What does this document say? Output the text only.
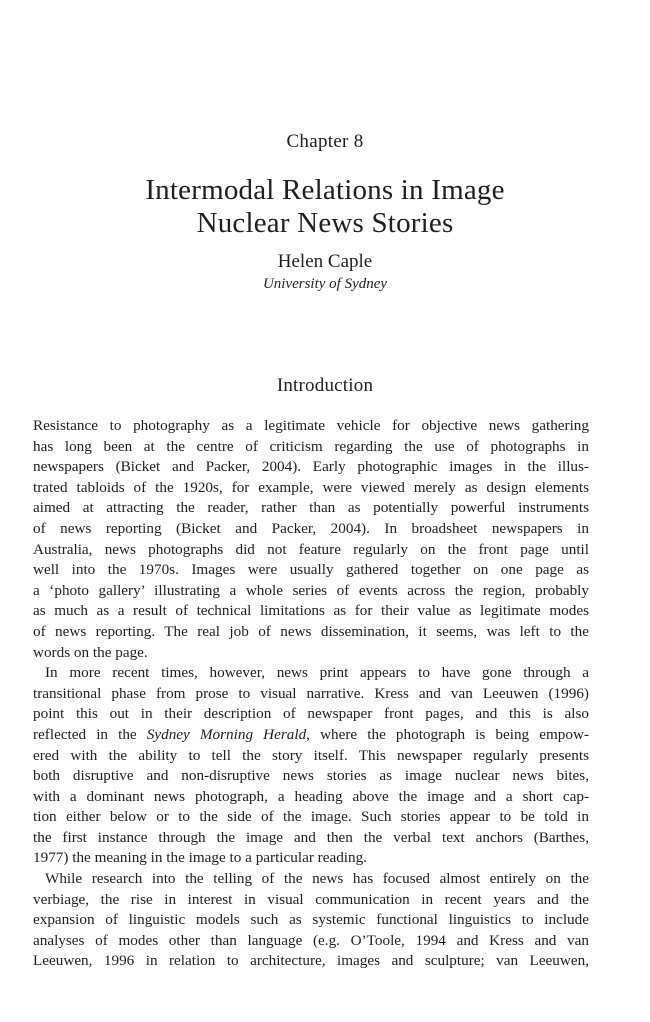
Chapter 8
Intermodal Relations in Image
Nuclear News Stories
Helen Caple
University of Sydney
Introduction
Resistance to photography as a legitimate vehicle for objective news gathering
has long been at the centre of criticism regarding the use of photographs in
newspapers (Bicket and Packer, 2004). Early photographic images in the illus-
trated tabloids of the 1920s, for example, were viewed merely as design elements
aimed at attracting the reader, rather than as potentially powerful instruments
of news reporting (Bicket and Packer, 2004). In broadsheet newspapers in
Australia, news photographs did not feature regularly on the front page until
well into the 1970s. Images were usually gathered together on one page as
a ‘photo gallery’ illustrating a whole series of events across the region, probably
as much as a result of technical limitations as for their value as legitimate modes
of news reporting. The real job of news dissemination, it seems, was left to the
words on the page.
In more recent times, however, news print appears to have gone through a
transitional phase from prose to visual narrative. Kress and van Leeuwen (1996)
point this out in their description of newspaper front pages, and this is also
reflected in the Sydney Morning Herald, where the photograph is being empow-
ered with the ability to tell the story itself. This newspaper regularly presents
both disruptive and non-disruptive news stories as image nuclear news bites,
with a dominant news photograph, a heading above the image and a short cap-
tion either below or to the side of the image. Such stories appear to be told in
the first instance through the image and then the verbal text anchors (Barthes,
1977) the meaning in the image to a particular reading.
While research into the telling of the news has focused almost entirely on the
verbiage, the rise in interest in visual communication in recent years and the
expansion of linguistic models such as systemic functional linguistics to include
analyses of modes other than language (e.g. O’Toole, 1994 and Kress and van
Leeuwen, 1996 in relation to architecture, images and sculpture; van Leeuwen,
